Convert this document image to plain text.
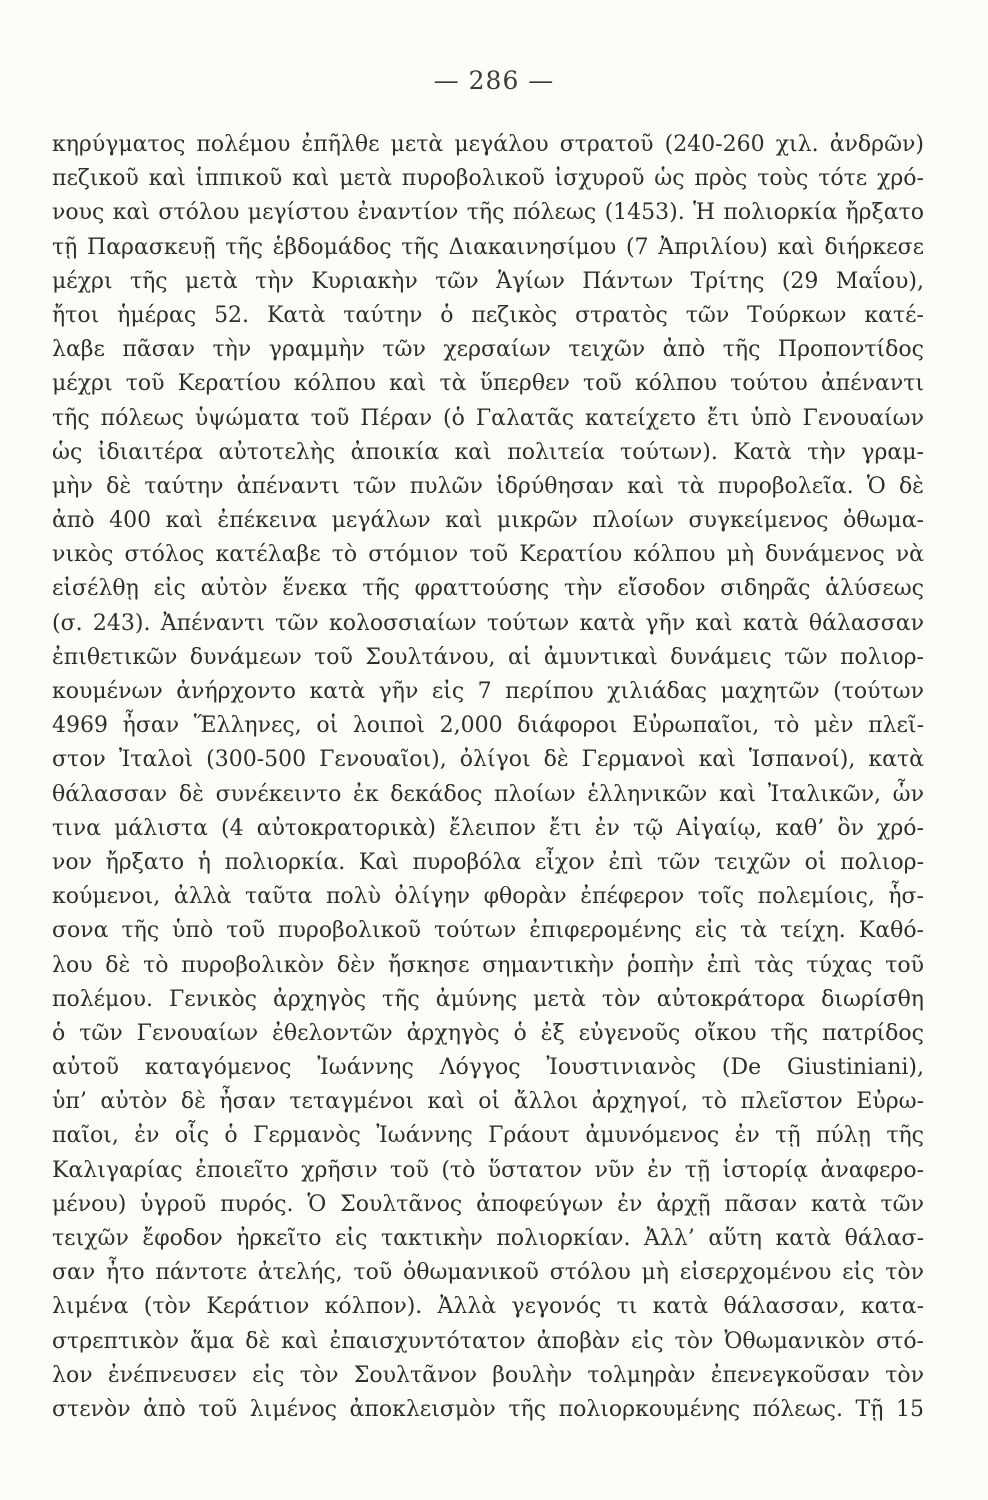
— 286 —
κηρύγματος πολέμου ἐπῆλθε μετὰ μεγάλου στρατοῦ (240-260 χιλ. ἀνδρῶν)
πεζικοῦ καὶ ἱππικοῦ καὶ μετὰ πυροβολικοῦ ἰσχυροῦ ὡς πρὸς τοὺς τότε χρό-
νους καὶ στόλου μεγίστου ἐναντίον τῆς πόλεως (1453). Ἡ πολιορκία ἤρξατο
τῇ Παρασκευῇ τῆς ἑβδομάδος τῆς Διακαινησίμου (7 Ἀπριλίου) καὶ διήρκεσε
μέχρι τῆς μετὰ τὴν Κυριακὴν τῶν Ἁγίων Πάντων Τρίτης (29 Μαΐου),
ἤτοι ἡμέρας 52. Κατὰ ταύτην ὁ πεζικὸς στρατὸς τῶν Τούρκων κατέ-
λαβε πᾶσαν τὴν γραμμὴν τῶν χερσαίων τειχῶν ἀπὸ τῆς Προποντίδος
μέχρι τοῦ Κερατίου κόλπου καὶ τὰ ὕπερθεν τοῦ κόλπου τούτου ἀπέναντι
τῆς πόλεως ὑψώματα τοῦ Πέραν (ὁ Γαλατᾶς κατείχετο ἔτι ὑπὸ Γενουαίων
ὡς ἰδιαιτέρα αὐτοτελὴς ἀποικία καὶ πολιτεία τούτων). Κατὰ τὴν γραμ-
μὴν δὲ ταύτην ἀπέναντι τῶν πυλῶν ἱδρύθησαν καὶ τὰ πυροβολεῖα. Ὁ δὲ
ἀπὸ 400 καὶ ἐπέκεινα μεγάλων καὶ μικρῶν πλοίων συγκείμενος ὀθωμα-
νικὸς στόλος κατέλαβε τὸ στόμιον τοῦ Κερατίου κόλπου μὴ δυνάμενος νὰ
εἰσέλθῃ εἰς αὐτὸν ἕνεκα τῆς φραττούσης τὴν εἴσοδον σιδηρᾶς ἁλύσεως
(σ. 243). Ἀπέναντι τῶν κολοσσιαίων τούτων κατὰ γῆν καὶ κατὰ θάλασσαν
ἐπιθετικῶν δυνάμεων τοῦ Σουλτάνου, αἱ ἀμυντικαὶ δυνάμεις τῶν πολιορ-
κουμένων ἀνήρχοντο κατὰ γῆν εἰς 7 περίπου χιλιάδας μαχητῶν (τούτων
4969 ἦσαν Ἕλληνες, οἱ λοιποὶ 2,000 διάφοροι Εὐρωπαῖοι, τὸ μὲν πλεῖ-
στον Ἰταλοὶ (300-500 Γενουαῖοι), ὀλίγοι δὲ Γερμανοὶ καὶ Ἱσπανοί), κατὰ
θάλασσαν δὲ συνέκειντο ἐκ δεκάδος πλοίων ἑλληνικῶν καὶ Ἰταλικῶν, ὧν
τινα μάλιστα (4 αὐτοκρατορικὰ) ἔλειπον ἔτι ἐν τῷ Αἰγαίῳ, καθ’ ὃν χρό-
νον ἤρξατο ἡ πολιορκία. Καὶ πυροβόλα εἶχον ἐπὶ τῶν τειχῶν οἱ πολιορ-
κούμενοι, ἀλλὰ ταῦτα πολὺ ὀλίγην φθορὰν ἐπέφερον τοῖς πολεμίοις, ἧσ-
σονα τῆς ὑπὸ τοῦ πυροβολικοῦ τούτων ἐπιφερομένης εἰς τὰ τείχη. Καθό-
λου δὲ τὸ πυροβολικὸν δὲν ἤσκησε σημαντικὴν ῥοπὴν ἐπὶ τὰς τύχας τοῦ
πολέμου. Γενικὸς ἀρχηγὸς τῆς ἀμύνης μετὰ τὸν αὐτοκράτορα διωρίσθη
ὁ τῶν Γενουαίων ἐθελοντῶν ἀρχηγὸς ὁ ἐξ εὐγενοῦς οἴκου τῆς πατρίδος
αὐτοῦ καταγόμενος Ἰωάννης Λόγγος Ἰουστινιανὸς (De Giustiniani),
ὑπ’ αὐτὸν δὲ ἦσαν τεταγμένοι καὶ οἱ ἄλλοι ἀρχηγοί, τὸ πλεῖστον Εὐρω-
παῖοι, ἐν οἷς ὁ Γερμανὸς Ἰωάννης Γράουτ ἀμυνόμενος ἐν τῇ πύλῃ τῆς
Καλιγαρίας ἐποιεῖτο χρῆσιν τοῦ (τὸ ὕστατον νῦν ἐν τῇ ἱστορίᾳ ἀναφερο-
μένου) ὑγροῦ πυρός. Ὁ Σουλτᾶνος ἀποφεύγων ἐν ἀρχῇ πᾶσαν κατὰ τῶν
τειχῶν ἔφοδον ἠρκεῖτο εἰς τακτικὴν πολιορκίαν. Ἀλλ’ αὕτη κατὰ θάλασ-
σαν ἦτο πάντοτε ἀτελής, τοῦ ὀθωμανικοῦ στόλου μὴ εἰσερχομένου εἰς τὸν
λιμένα (τὸν Κεράτιον κόλπον). Ἀλλὰ γεγονός τι κατὰ θάλασσαν, κατα-
στρεπτικὸν ἅμα δὲ καὶ ἐπαισχυντότατον ἀποβὰν εἰς τὸν Ὀθωμανικὸν στό-
λον ἐνέπνευσεν εἰς τὸν Σουλτᾶνον βουλὴν τολμηρὰν ἐπενεγκοῦσαν τὸν
στενὸν ἀπὸ τοῦ λιμένος ἀποκλεισμὸν τῆς πολιορκουμένης πόλεως. Τῇ 15
